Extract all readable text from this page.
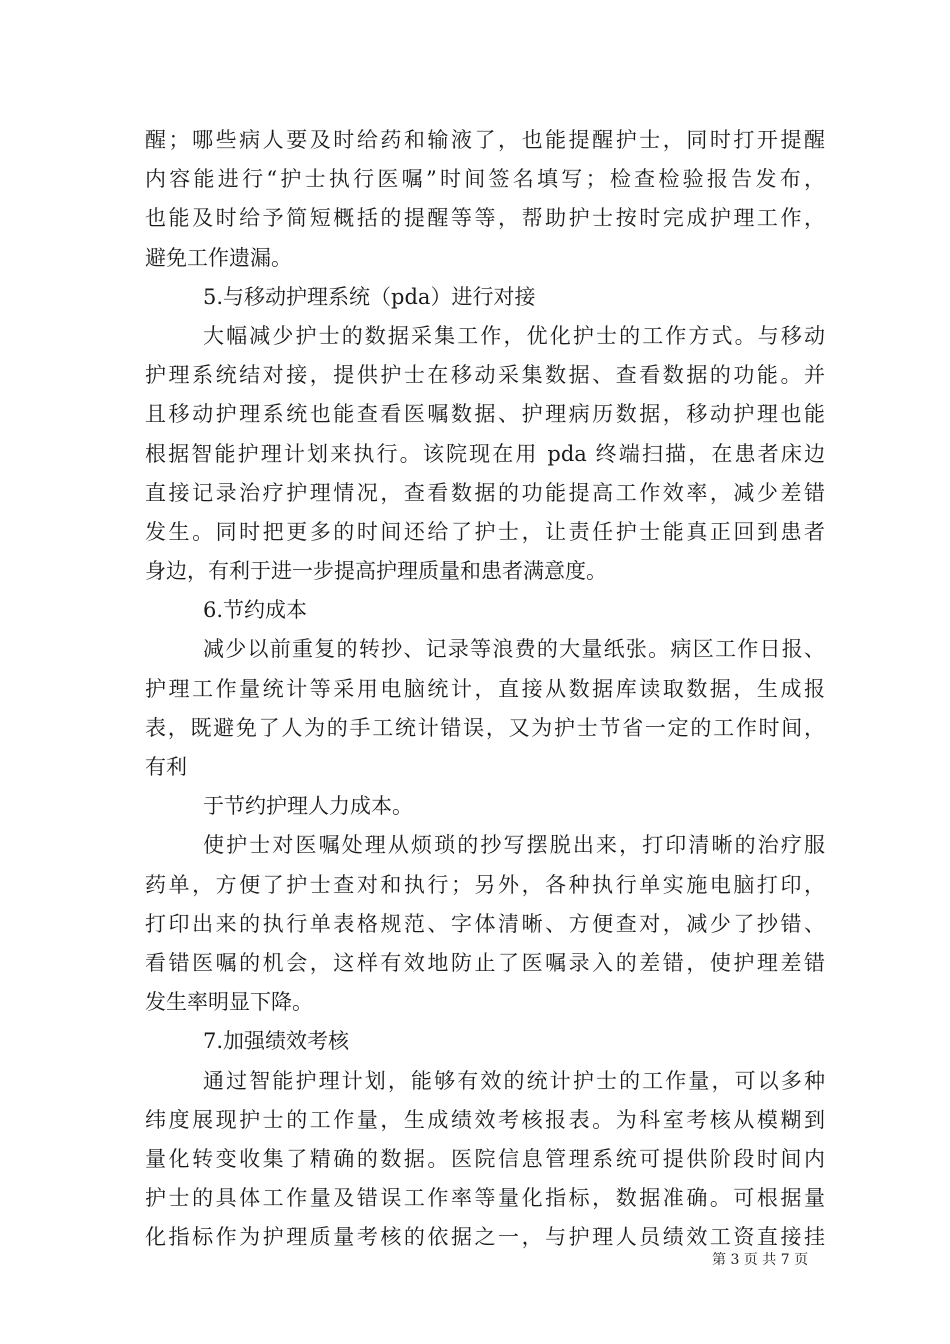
醒；哪些病人要及时给药和输液了，也能提醒护士，同时打开提醒
内容能进行“护士执行医嘱”时间签名填写；检查检验报告发布，
也能及时给予简短概括的提醒等等，帮助护士按时完成护理工作，
避免工作遗漏。
5.与移动护理系统（pda）进行对接
大幅减少护士的数据采集工作，优化护士的工作方式。与移动
护理系统结对接，提供护士在移动采集数据、查看数据的功能。并
且移动护理系统也能查看医嘱数据、护理病历数据，移动护理也能
根据智能护理计划来执行。该院现在用 pda 终端扫描，在患者床边
直接记录治疗护理情况，查看数据的功能提高工作效率，减少差错
发生。同时把更多的时间还给了护士，让责任护士能真正回到患者
身边，有利于进一步提高护理质量和患者满意度。
6.节约成本
减少以前重复的转抄、记录等浪费的大量纸张。病区工作日报、
护理工作量统计等采用电脑统计，直接从数据库读取数据，生成报
表，既避免了人为的手工统计错误，又为护士节省一定的工作时间，
有利
于节约护理人力成本。
使护士对医嘱处理从烦琐的抄写摆脱出来，打印清晰的治疗服
药单，方便了护士查对和执行；另外，各种执行单实施电脑打印，
打印出来的执行单表格规范、字体清晰、方便查对，减少了抄错、
看错医嘱的机会，这样有效地防止了医嘱录入的差错，使护理差错
发生率明显下降。
7.加强绩效考核
通过智能护理计划，能够有效的统计护士的工作量，可以多种
纬度展现护士的工作量，生成绩效考核报表。为科室考核从模糊到
量化转变收集了精确的数据。医院信息管理系统可提供阶段时间内
护士的具体工作量及错误工作率等量化指标，数据准确。可根据量
化指标作为护理质量考核的依据之一，与护理人员绩效工资直接挂
第 3 页 共 7 页
